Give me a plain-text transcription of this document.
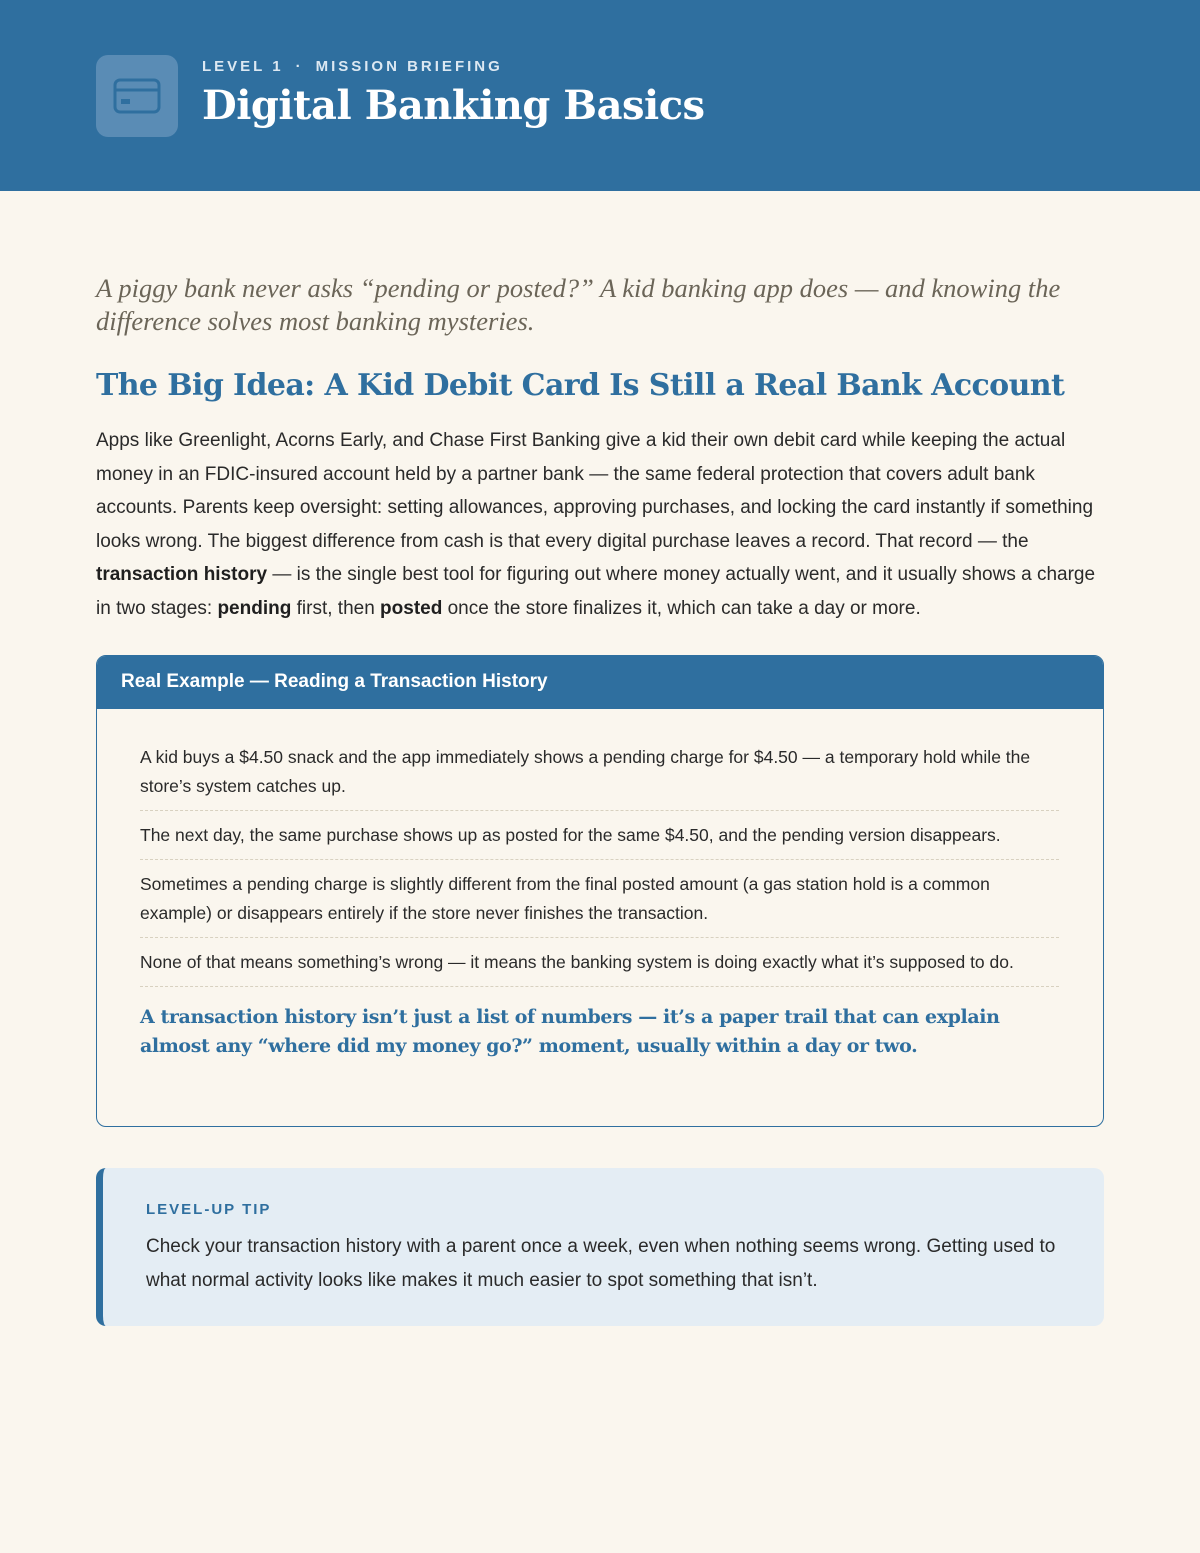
LEVEL 1 · MISSION BRIEFING
Digital Banking Basics

A piggy bank never asks “pending or posted?” A kid banking app does — and knowing the difference solves most banking mysteries.

The Big Idea: A Kid Debit Card Is Still a Real Bank Account

Apps like Greenlight, Acorns Early, and Chase First Banking give a kid their own debit card while keeping the actual money in an FDIC-insured account held by a partner bank — the same federal protection that covers adult bank accounts. Parents keep oversight: setting allowances, approving purchases, and locking the card instantly if something looks wrong. The biggest difference from cash is that every digital purchase leaves a record. That record — the transaction history — is the single best tool for figuring out where money actually went, and it usually shows a charge in two stages: pending first, then posted once the store finalizes it, which can take a day or more.

Real Example — Reading a Transaction History
A kid buys a $4.50 snack and the app immediately shows a pending charge for $4.50 — a temporary hold while the store’s system catches up.
The next day, the same purchase shows up as posted for the same $4.50, and the pending version disappears.
Sometimes a pending charge is slightly different from the final posted amount (a gas station hold is a common example) or disappears entirely if the store never finishes the transaction.
None of that means something’s wrong — it means the banking system is doing exactly what it’s supposed to do.
A transaction history isn’t just a list of numbers — it’s a paper trail that can explain almost any “where did my money go?” moment, usually within a day or two.
LEVEL-UP TIP
Check your transaction history with a parent once a week, even when nothing seems wrong. Getting used to what normal activity looks like makes it much easier to spot something that isn’t.
